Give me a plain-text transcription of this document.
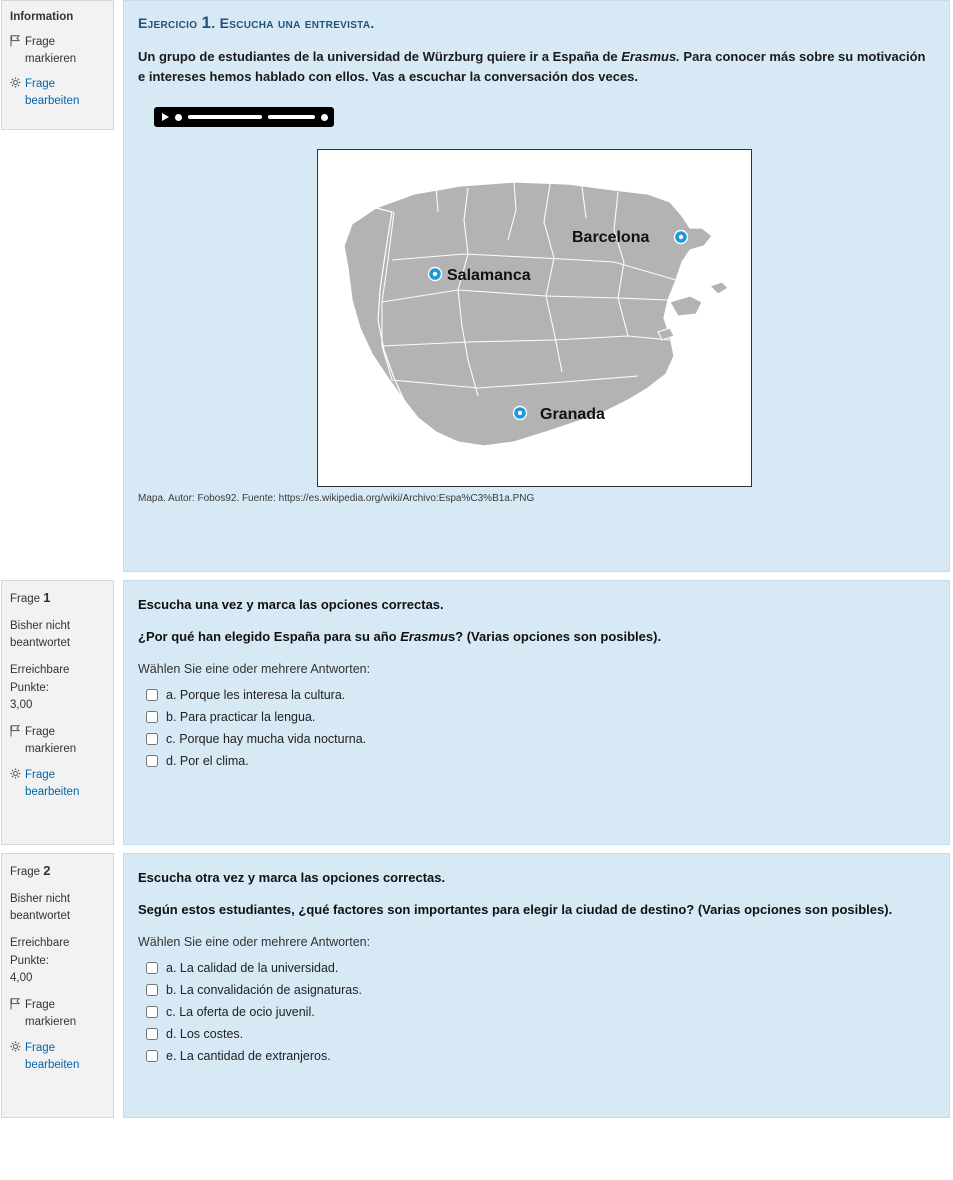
Information
Frage markieren
Frage bearbeiten
Ejercicio 1. Escucha una entrevista.
Un grupo de estudiantes de la universidad de Würzburg quiere ir a España de Erasmus. Para conocer más sobre su motivación e intereses hemos hablado con ellos. Vas a escuchar la conversación dos veces.
Barcelona
Salamanca
Granada
Mapa. Autor: Fobos92. Fuente: https://es.wikipedia.org/wiki/Archivo:Espa%C3%B1a.PNG
Frage 1
Bisher nicht beantwortet
Erreichbare Punkte:
3,00
Frage markieren
Frage bearbeiten
Escucha una vez y marca las opciones correctas.
¿Por qué han elegido España para su año Erasmus? (Varias opciones son posibles).
Wählen Sie eine oder mehrere Antworten:
a. Porque les interesa la cultura.
b. Para practicar la lengua.
c. Porque hay mucha vida nocturna.
d. Por el clima.
Frage 2
Bisher nicht beantwortet
Erreichbare Punkte:
4,00
Frage markieren
Frage bearbeiten
Escucha otra vez y marca las opciones correctas.
Según estos estudiantes, ¿qué factores son importantes para elegir la ciudad de destino? (Varias opciones son posibles).
Wählen Sie eine oder mehrere Antworten:
a. La calidad de la universidad.
b. La convalidación de asignaturas.
c. La oferta de ocio juvenil.
d. Los costes.
e. La cantidad de extranjeros.
